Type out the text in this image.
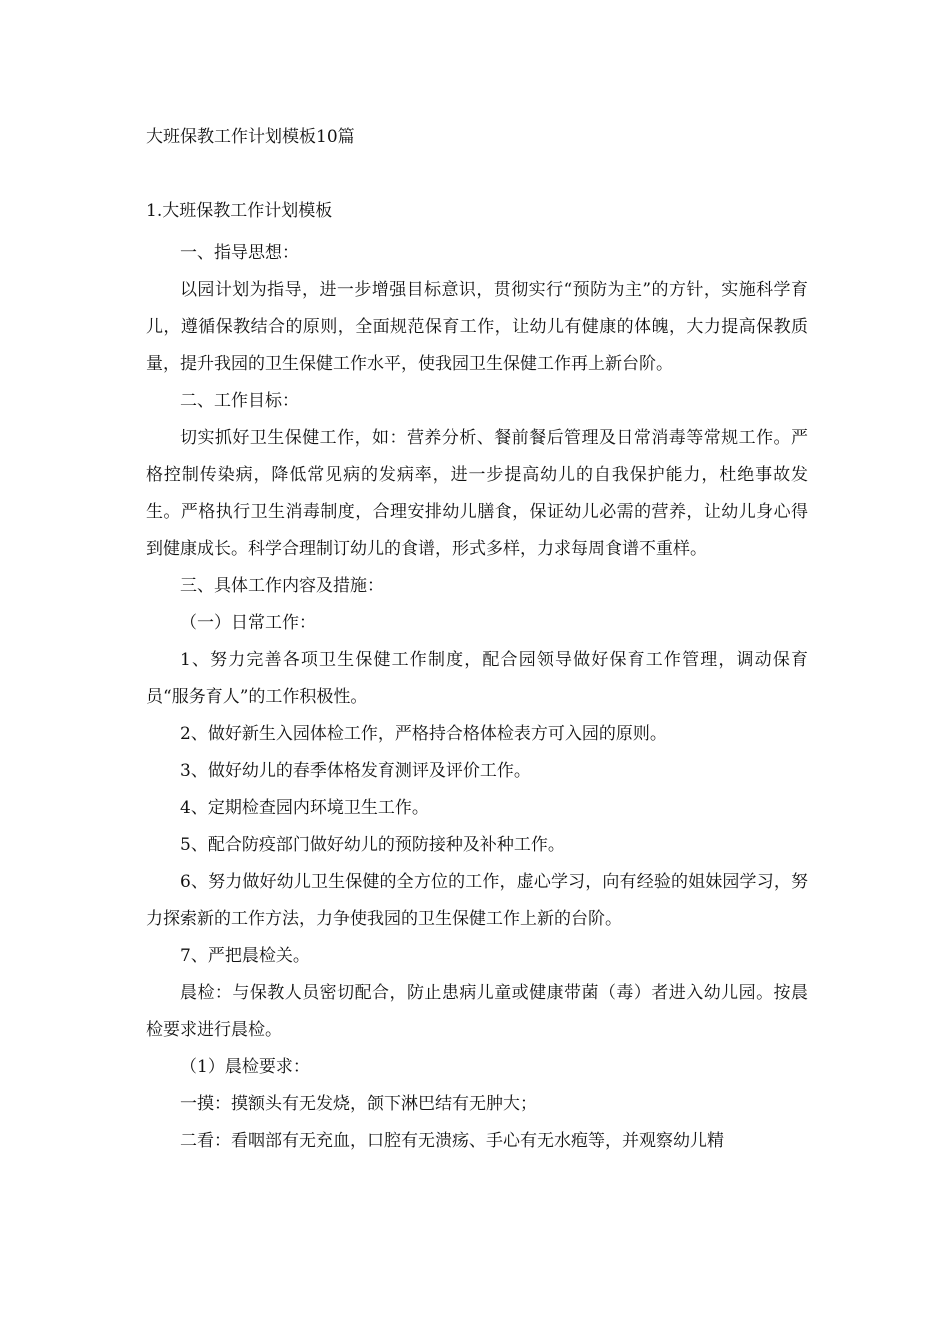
大班保教工作计划模板10篇
1.大班保教工作计划模板

一、指导思想：

以园计划为指导，进一步增强目标意识，贯彻实行“预防为主”的方针，实施科学育儿，遵循保教结合的原则，全面规范保育工作，让幼儿有健康的体魄，大力提高保教质量，提升我园的卫生保健工作水平，使我园卫生保健工作再上新台阶。

二、工作目标：

切实抓好卫生保健工作，如：营养分析、餐前餐后管理及日常消毒等常规工作。严格控制传染病，降低常见病的发病率，进一步提高幼儿的自我保护能力，杜绝事故发生。严格执行卫生消毒制度，合理安排幼儿膳食，保证幼儿必需的营养，让幼儿身心得到健康成长。科学合理制订幼儿的食谱，形式多样，力求每周食谱不重样。

三、具体工作内容及措施：

（一）日常工作：

1、努力完善各项卫生保健工作制度，配合园领导做好保育工作管理，调动保育员“服务育人”的工作积极性。

2、做好新生入园体检工作，严格持合格体检表方可入园的原则。

3、做好幼儿的春季体格发育测评及评价工作。

4、定期检查园内环境卫生工作。

5、配合防疫部门做好幼儿的预防接种及补种工作。

6、努力做好幼儿卫生保健的全方位的工作，虚心学习，向有经验的姐妹园学习，努力探索新的工作方法，力争使我园的卫生保健工作上新的台阶。

7、严把晨检关。

晨检：与保教人员密切配合，防止患病儿童或健康带菌（毒）者进入幼儿园。按晨检要求进行晨检。

（1）晨检要求：

一摸：摸额头有无发烧，颌下淋巴结有无肿大；

二看：看咽部有无充血，口腔有无溃疡、手心有无水疱等，并观察幼儿精
